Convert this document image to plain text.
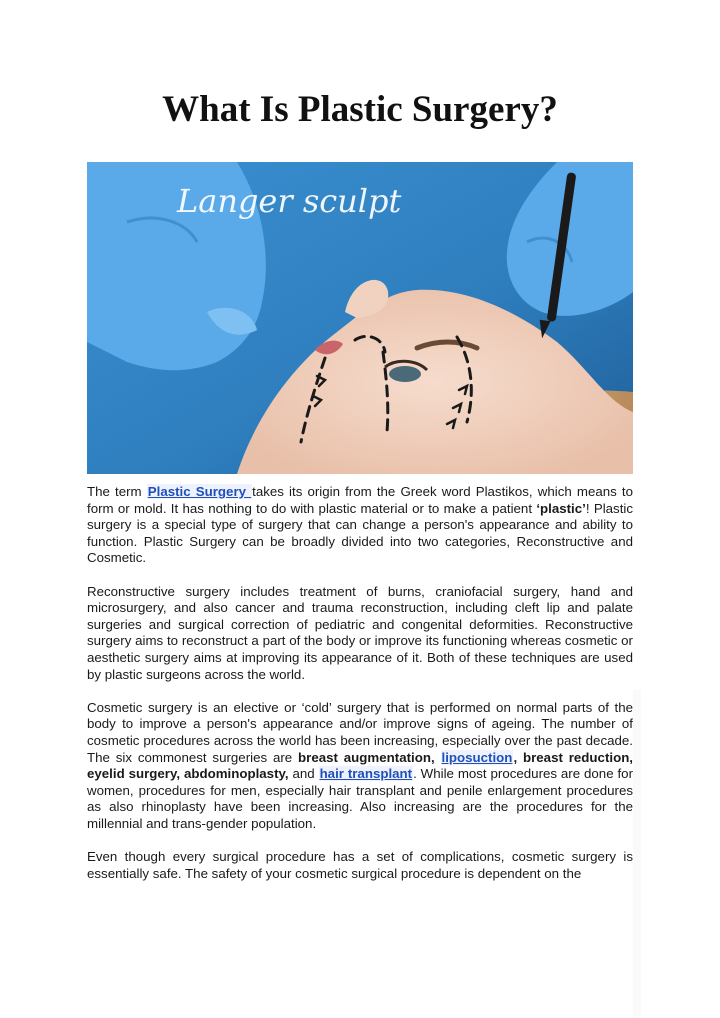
What Is Plastic Surgery?
Langer sculpt

The term Plastic Surgery takes its origin from the Greek word Plastikos, which means to form or mold. It has nothing to do with plastic material or to make a patient ‘plastic’! Plastic surgery is a special type of surgery that can change a person's appearance and ability to function. Plastic Surgery can be broadly divided into two categories, Reconstructive and Cosmetic.

Reconstructive surgery includes treatment of burns, craniofacial surgery, hand and microsurgery, and also cancer and trauma reconstruction, including cleft lip and palate surgeries and surgical correction of pediatric and congenital deformities. Reconstructive surgery aims to reconstruct a part of the body or improve its functioning whereas cosmetic or aesthetic surgery aims at improving its appearance of it. Both of these techniques are used by plastic surgeons across the world.

Cosmetic surgery is an elective or ‘cold’ surgery that is performed on normal parts of the body to improve a person's appearance and/or improve signs of ageing. The number of cosmetic procedures across the world has been increasing, especially over the past decade. The six commonest surgeries are breast augmentation, liposuction, breast reduction, eyelid surgery, abdominoplasty, and hair transplant. While most procedures are done for women, procedures for men, especially hair transplant and penile enlargement procedures as also rhinoplasty have been increasing. Also increasing are the procedures for the millennial and trans-gender population.

Even though every surgical procedure has a set of complications, cosmetic surgery is essentially safe. The safety of your cosmetic surgical procedure is dependent on the
